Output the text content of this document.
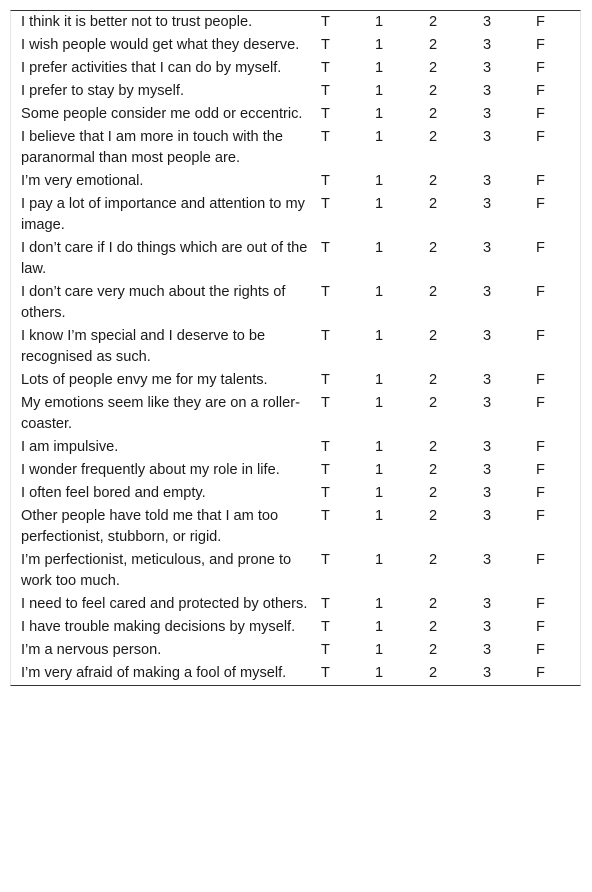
I think it is better not to trust people.	T	1	2	3	F
I wish people would get what they deserve.	T	1	2	3	F
I prefer activities that I can do by myself.	T	1	2	3	F
I prefer to stay by myself.	T	1	2	3	F
Some people consider me odd or eccentric.	T	1	2	3	F
I believe that I am more in touch with the paranormal than most people are.	T	1	2	3	F
I’m very emotional.	T	1	2	3	F
I pay a lot of importance and attention to my image.	T	1	2	3	F
I don’t care if I do things which are out of the law.	T	1	2	3	F
I don’t care very much about the rights of others.	T	1	2	3	F
I know I’m special and I deserve to be recognised as such.	T	1	2	3	F
Lots of people envy me for my talents.	T	1	2	3	F
My emotions seem like they are on a roller-coaster.	T	1	2	3	F
I am impulsive.	T	1	2	3	F
I wonder frequently about my role in life.	T	1	2	3	F
I often feel bored and empty.	T	1	2	3	F
Other people have told me that I am too perfectionist, stubborn, or rigid.	T	1	2	3	F
I’m perfectionist, meticulous, and prone to work too much.	T	1	2	3	F
I need to feel cared and protected by others.	T	1	2	3	F
I have trouble making decisions by myself.	T	1	2	3	F
I’m a nervous person.	T	1	2	3	F
I’m very afraid of making a fool of myself.	T	1	2	3	F
